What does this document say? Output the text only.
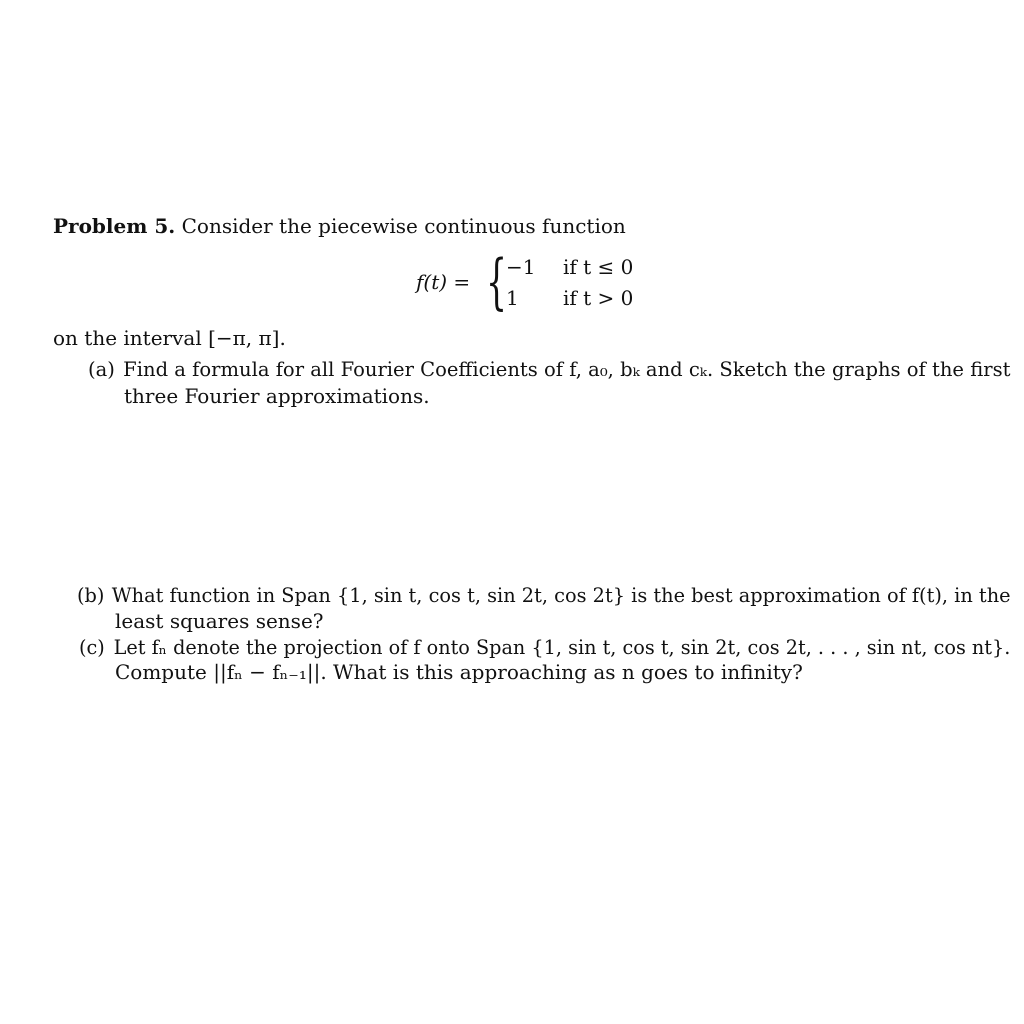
Problem 5. Consider the piecewise continuous function
f(t) = {
−1 if t ≤ 0
1 if t > 0
on the interval [−π, π].
(a) Find a formula for all Fourier Coefficients of f, a₀, bₖ and cₖ. Sketch the graphs of the first
three Fourier approximations.
(b) What function in Span {1, sin t, cos t, sin 2t, cos 2t} is the best approximation of f(t), in the
least squares sense?
(c) Let fₙ denote the projection of f onto Span {1, sin t, cos t, sin 2t, cos 2t, . . . , sin nt, cos nt}.
Compute ||fₙ − fₙ₋₁||. What is this approaching as n goes to infinity?
